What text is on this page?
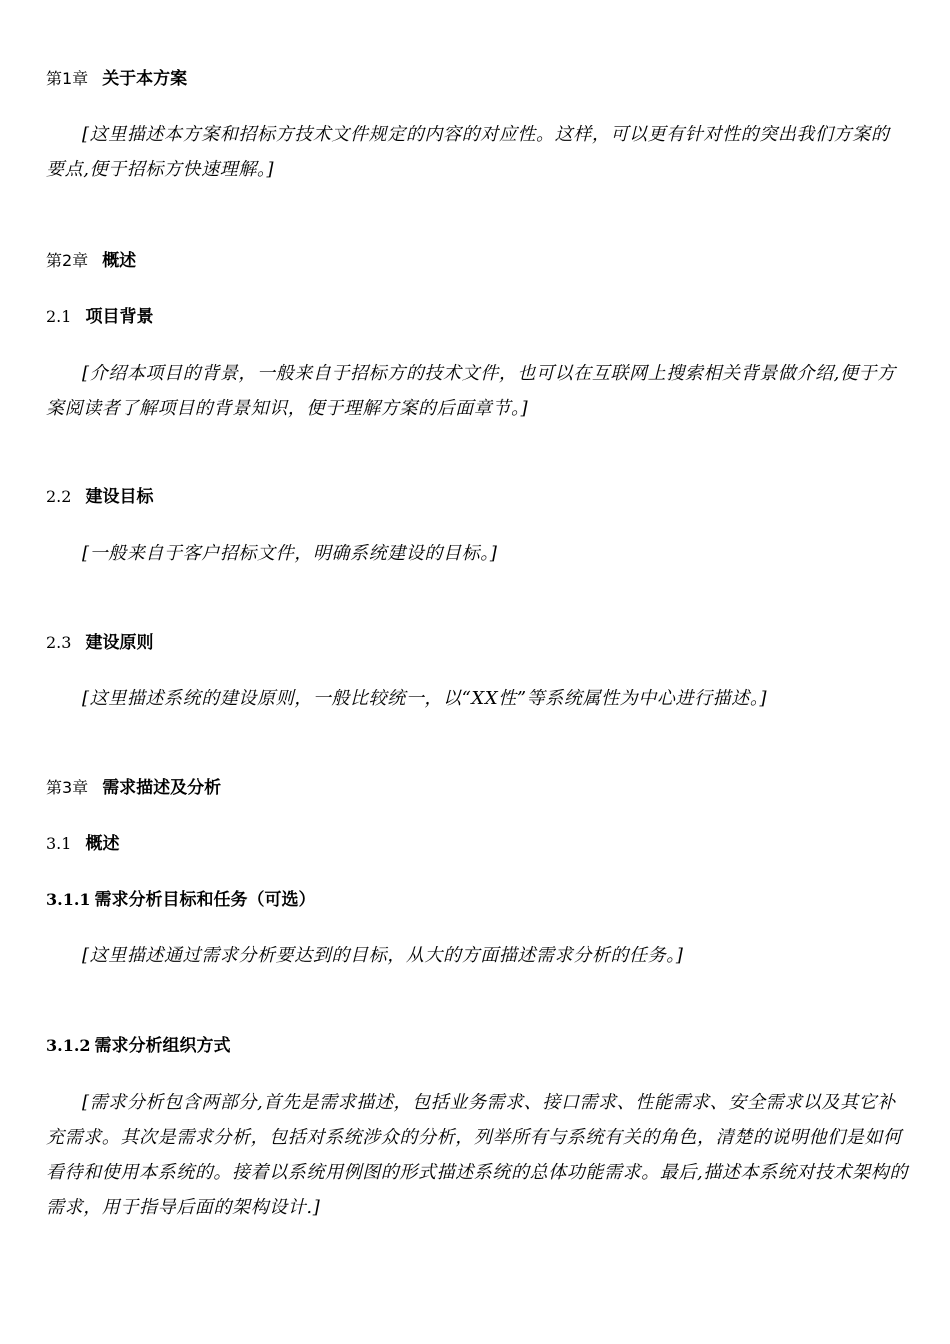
第1章 关于本方案
[这里描述本方案和招标方技术文件规定的内容的对应性。这样，可以更有针对性的突出我们方案的要点,便于招标方快速理解。]
第2章 概述
2.1 项目背景
[介绍本项目的背景，一般来自于招标方的技术文件，也可以在互联网上搜索相关背景做介绍,便于方案阅读者了解项目的背景知识，便于理解方案的后面章节。]
2.2 建设目标
[一般来自于客户招标文件，明确系统建设的目标。]
2.3 建设原则
[这里描述系统的建设原则，一般比较统一，以“XX性”等系统属性为中心进行描述。]
第3章 需求描述及分析
3.1 概述
3.1.1 需求分析目标和任务（可选）
[这里描述通过需求分析要达到的目标，从大的方面描述需求分析的任务。]
3.1.2 需求分析组织方式
[需求分析包含两部分,首先是需求描述，包括业务需求、接口需求、性能需求、安全需求以及其它补充需求。其次是需求分析，包括对系统涉众的分析，列举所有与系统有关的角色，清楚的说明他们是如何看待和使用本系统的。接着以系统用例图的形式描述系统的总体功能需求。最后,描述本系统对技术架构的需求，用于指导后面的架构设计.]
